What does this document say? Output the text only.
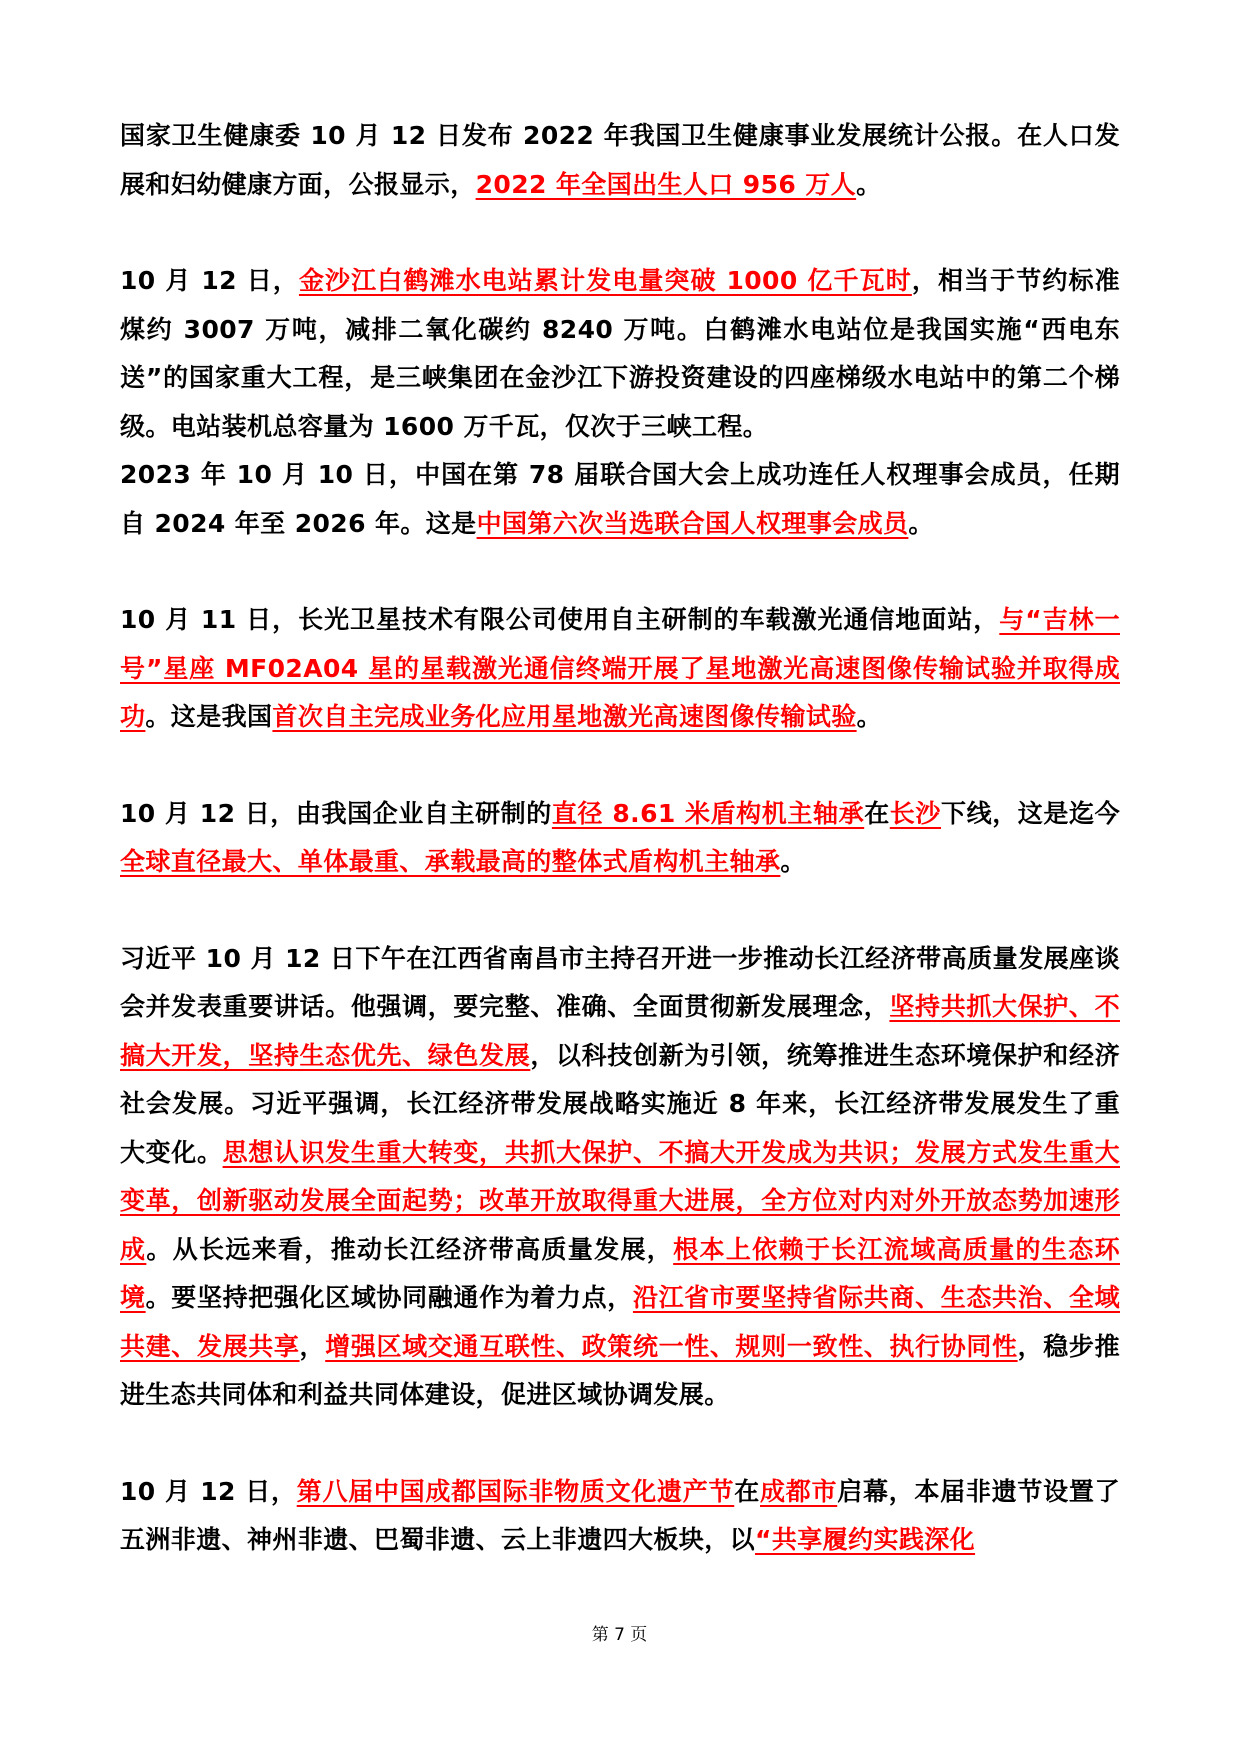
国家卫生健康委 10 月 12 日发布 2022 年我国卫生健康事业发展统计公报。在人口发展和妇幼健康方面，公报显示，2022 年全国出生人口 956 万人。

10 月 12 日，金沙江白鹤滩水电站累计发电量突破 1000 亿千瓦时，相当于节约标准煤约 3007 万吨，减排二氧化碳约 8240 万吨。白鹤滩水电站位是我国实施“西电东送”的国家重大工程，是三峡集团在金沙江下游投资建设的四座梯级水电站中的第二个梯级。电站装机总容量为 1600 万千瓦，仅次于三峡工程。

2023 年 10 月 10 日，中国在第 78 届联合国大会上成功连任人权理事会成员，任期自 2024 年至 2026 年。这是中国第六次当选联合国人权理事会成员。

10 月 11 日，长光卫星技术有限公司使用自主研制的车载激光通信地面站，与“吉林一号”星座 MF02A04 星的星载激光通信终端开展了星地激光高速图像传输试验并取得成功。这是我国首次自主完成业务化应用星地激光高速图像传输试验。

10 月 12 日，由我国企业自主研制的直径 8.61 米盾构机主轴承在长沙下线，这是迄今全球直径最大、单体最重、承载最高的整体式盾构机主轴承。

习近平 10 月 12 日下午在江西省南昌市主持召开进一步推动长江经济带高质量发展座谈会并发表重要讲话。他强调，要完整、准确、全面贯彻新发展理念，坚持共抓大保护、不搞大开发，坚持生态优先、绿色发展，以科技创新为引领，统筹推进生态环境保护和经济社会发展。习近平强调，长江经济带发展战略实施近 8 年来，长江经济带发展发生了重大变化。思想认识发生重大转变，共抓大保护、不搞大开发成为共识；发展方式发生重大变革，创新驱动发展全面起势；改革开放取得重大进展，全方位对内对外开放态势加速形成。从长远来看，推动长江经济带高质量发展，根本上依赖于长江流域高质量的生态环境。要坚持把强化区域协同融通作为着力点，沿江省市要坚持省际共商、生态共治、全域共建、发展共享，增强区域交通互联性、政策统一性、规则一致性、执行协同性，稳步推进生态共同体和利益共同体建设，促进区域协调发展。

10 月 12 日，第八届中国成都国际非物质文化遗产节在成都市启幕，本届非遗节设置了五洲非遗、神州非遗、巴蜀非遗、云上非遗四大板块，以“共享履约实践深化

第 7 页
